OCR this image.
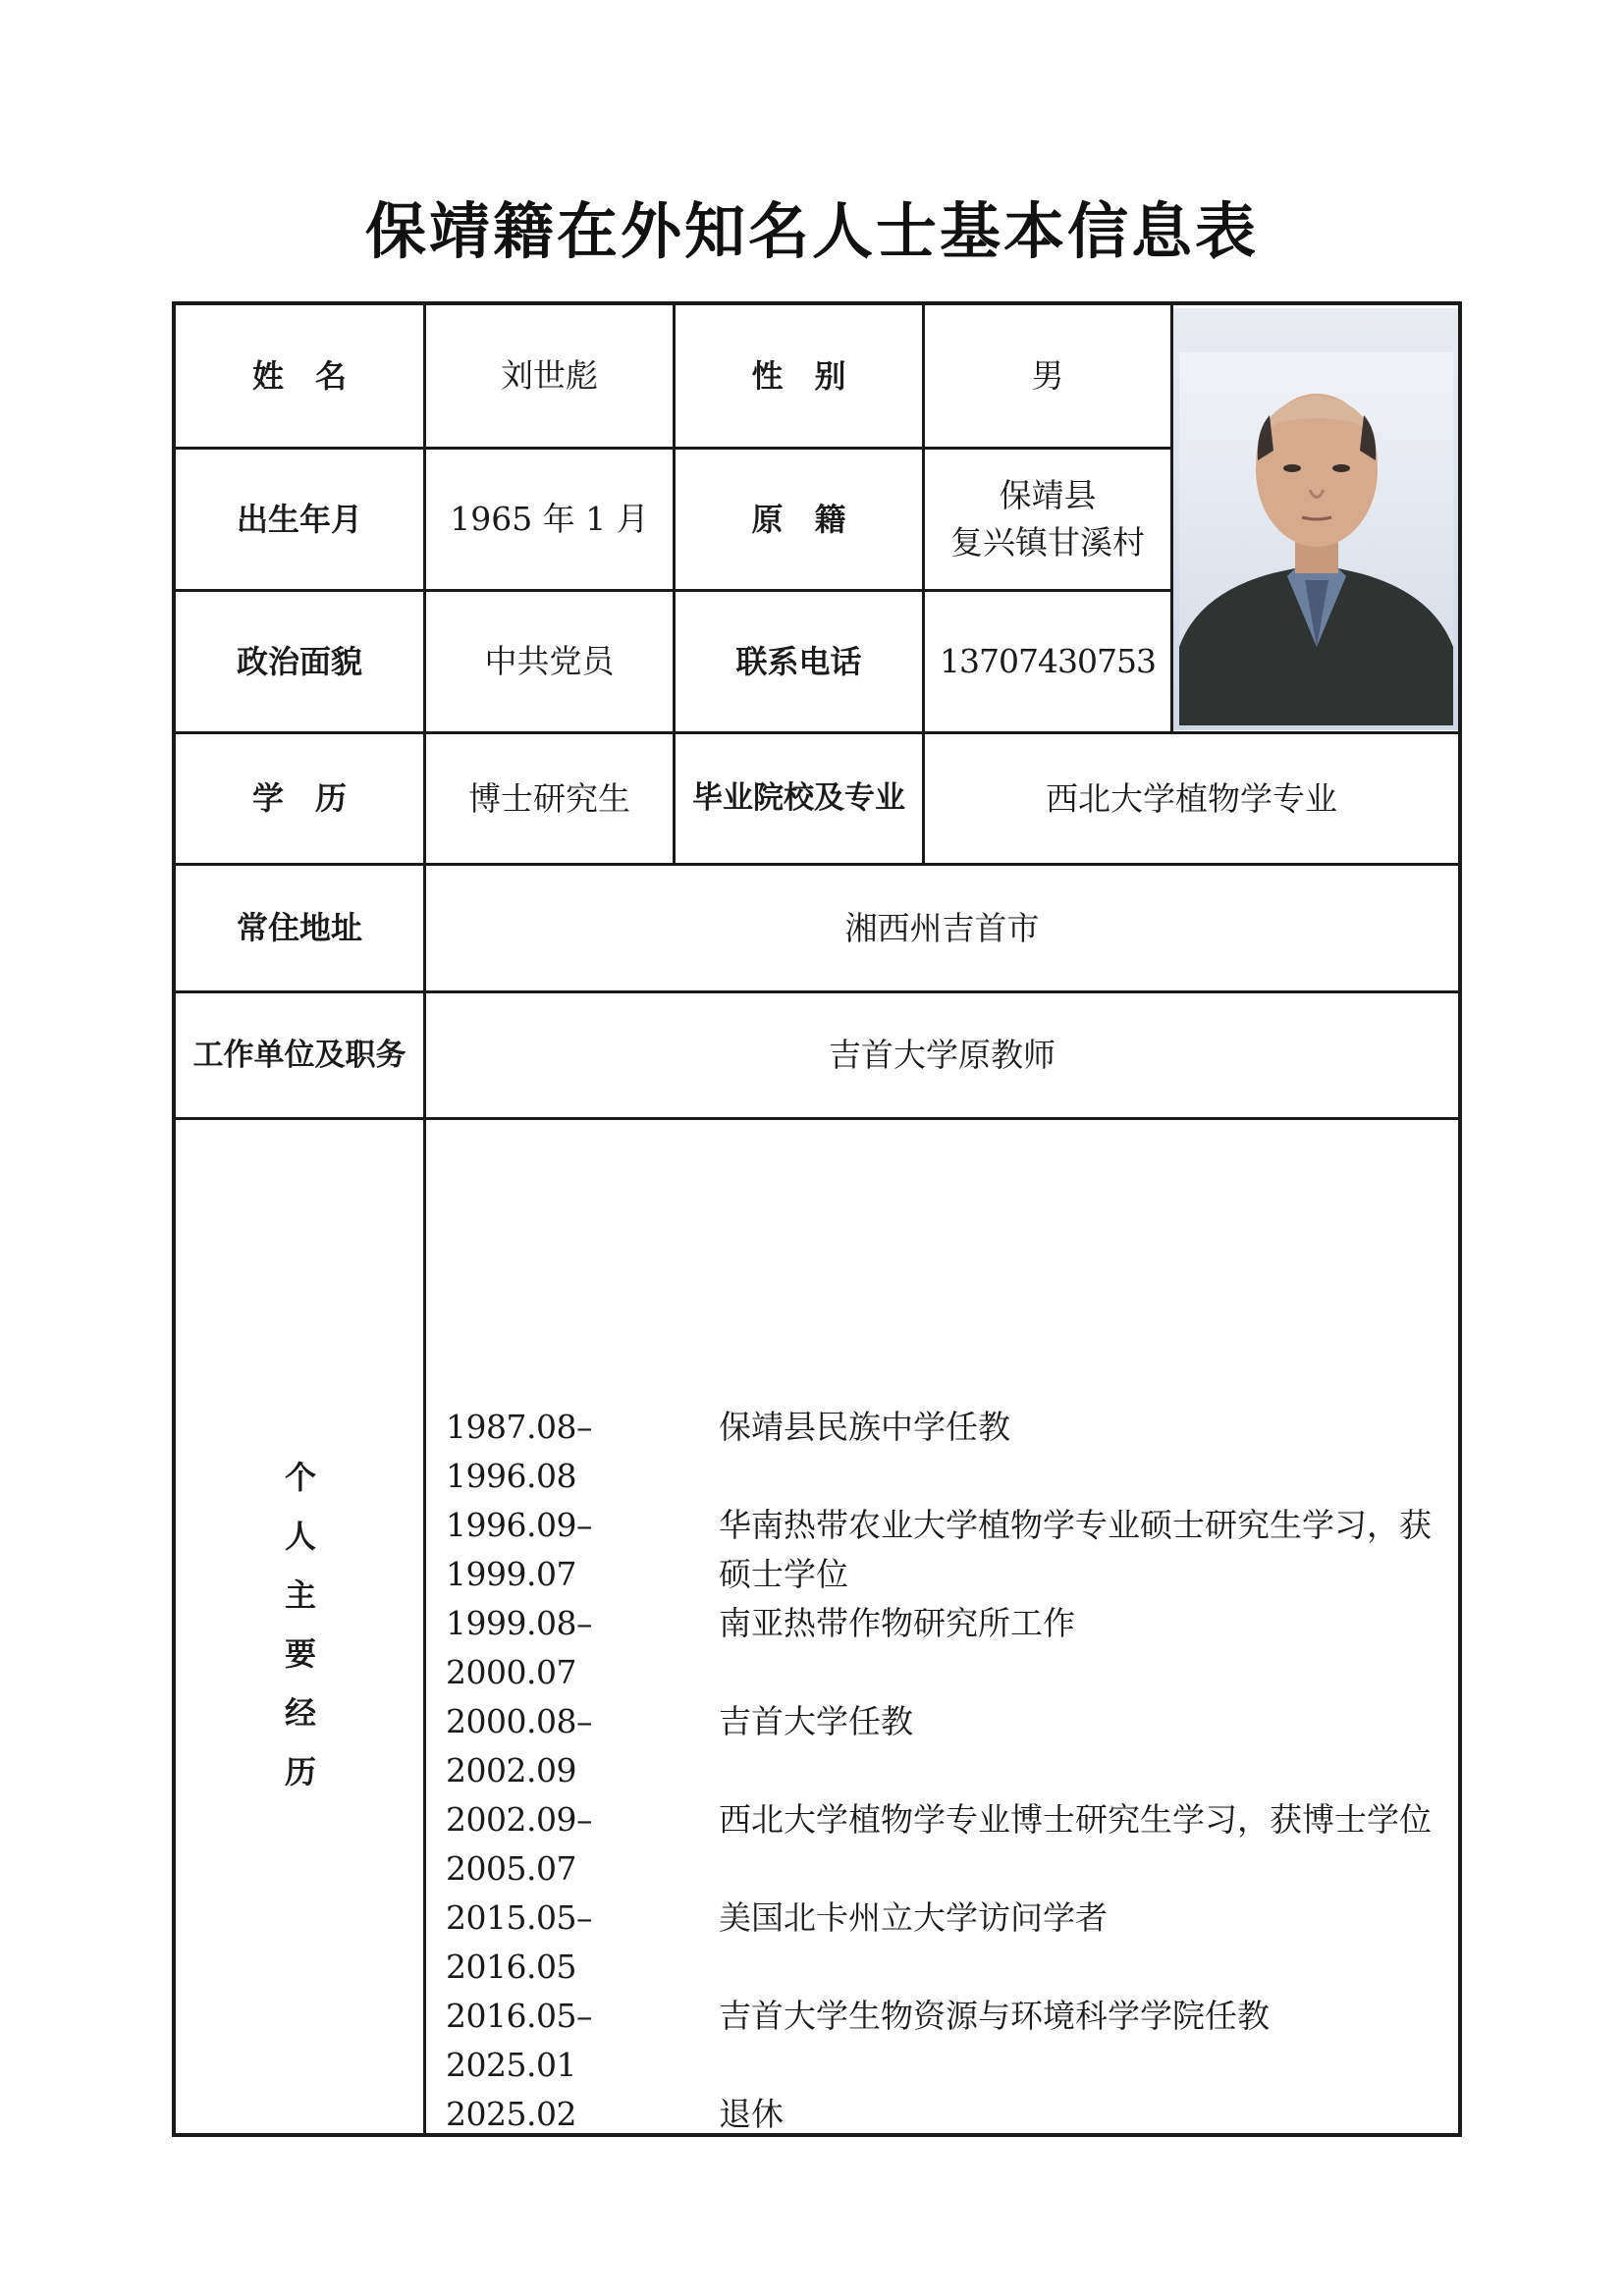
保靖籍在外知名人士基本信息表
姓　名	刘世彪	性　别	男
出生年月	1965 年 1 月	原　籍
保靖县
复兴镇甘溪村
政治面貌	中共党员	联系电话	13707430753
学　历	博士研究生	毕业院校及专业	西北大学植物学专业
常住地址	湘西州吉首市
工作单位及职务	吉首大学原教师
个
人
主
要
经
历
1987.08–1996.08
保靖县民族中学任教
1996.09–1999.07
华南热带农业大学植物学专业硕士研究生学习，获硕士学位
1999.08–2000.07
南亚热带作物研究所工作
2000.08–2002.09
吉首大学任教
2002.09–2005.07
西北大学植物学专业博士研究生学习，获博士学位
2015.05–2016.05
美国北卡州立大学访问学者
2016.05–2025.01
吉首大学生物资源与环境科学学院任教
2025.02	退休
